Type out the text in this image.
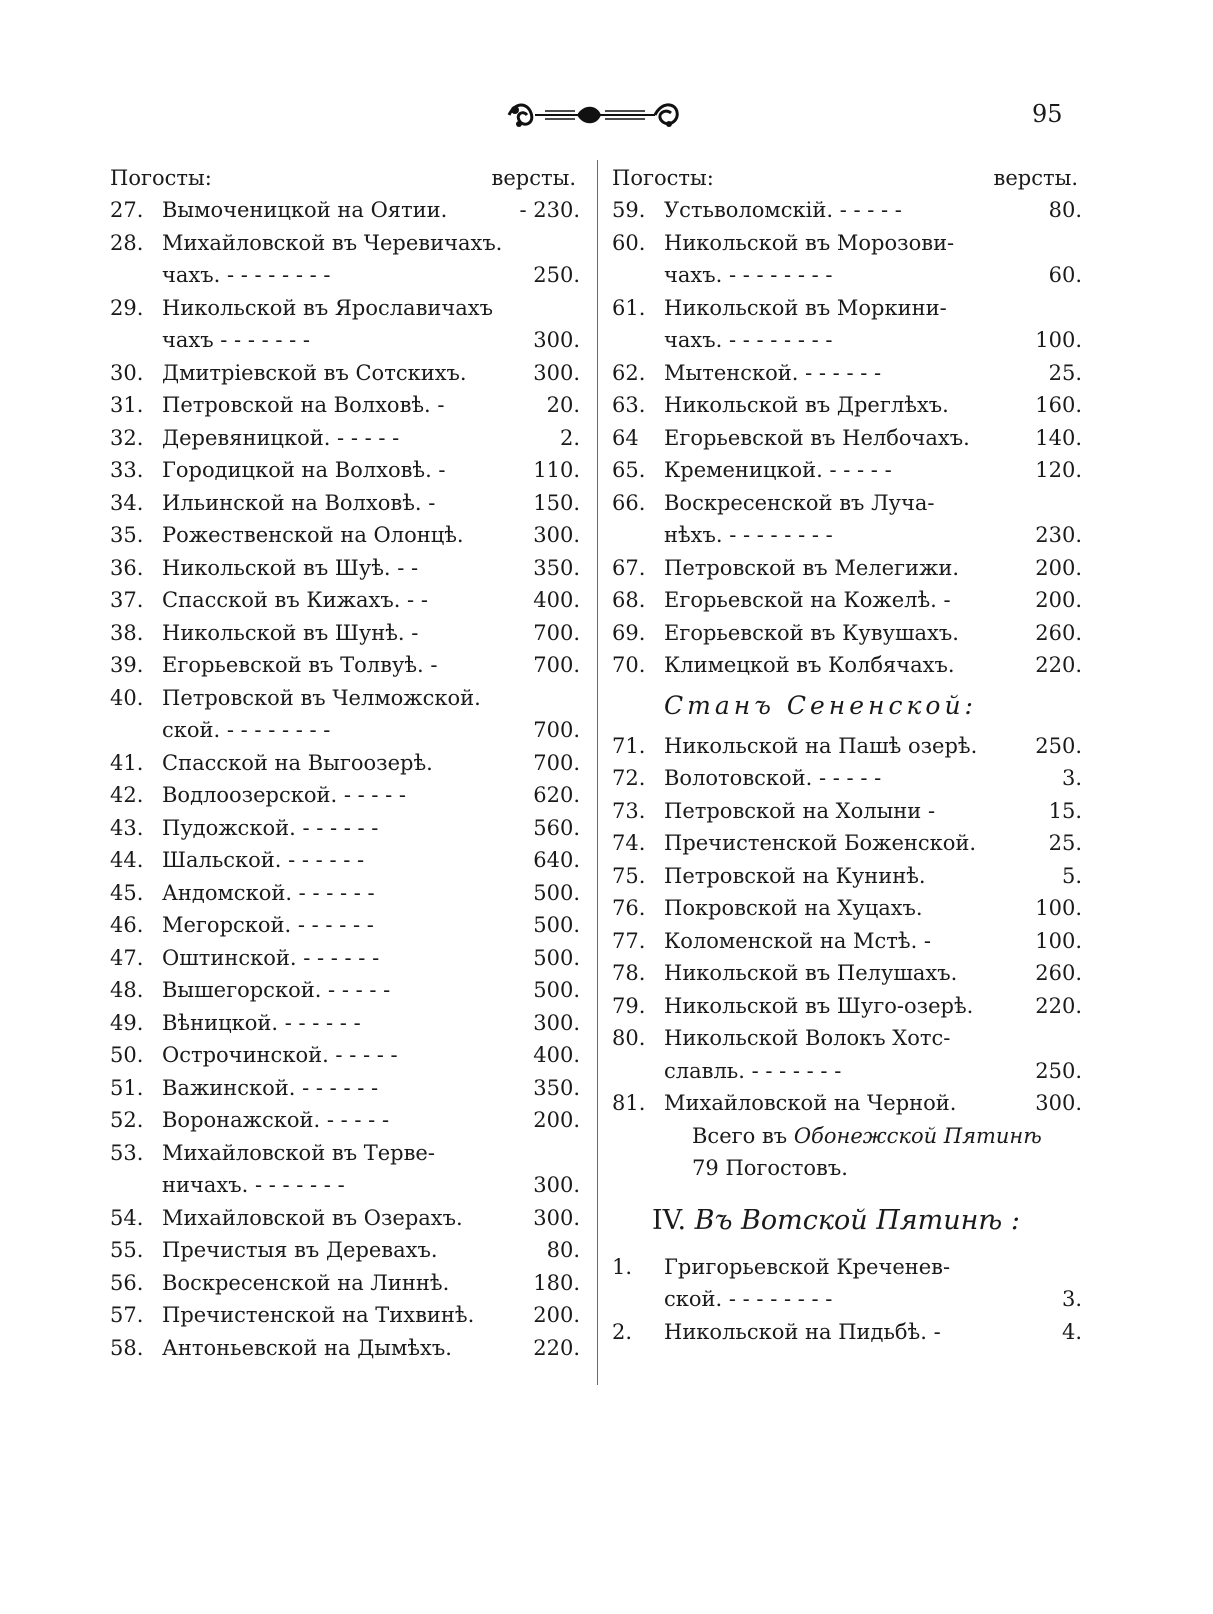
95
Погосты:	версты.
27. Вымоченицкой на Оятии.	- 230.
28. Михайловской въ Черевичахъ.
чахъ. - - - - - - - -	250.
29. Никольской въ Ярославичахъ
чахъ - - - - - - -	300.
30. Дмитріевской въ Сотскихъ.	300.
31. Петровской на Волховѣ. -	20.
32. Деревяницкой. - - - - -	2.
33. Городицкой на Волховѣ. -	110.
34. Ильинской на Волховѣ. -	150.
35. Рожественской на Олонцѣ.	300.
36. Никольской въ Шуѣ. - -	350.
37. Спасской въ Кижахъ. - -	400.
38. Никольской въ Шунѣ. -	700.
39. Егорьевской въ Толвуѣ. -	700.
40. Петровской въ Челможской.
ской. - - - - - - - -	700.
41. Спасской на Выгоозерѣ.	700.
42. Водлоозерской. - - - - -	620.
43. Пудожской. - - - - - -	560.
44. Шальской. - - - - - -	640.
45. Андомской. - - - - - -	500.
46. Мегорской. - - - - - -	500.
47. Оштинской. - - - - - -	500.
48. Вышегорской. - - - - -	500.
49. Вѣницкой. - - - - - -	300.
50. Острочинской. - - - - -	400.
51. Важинской. - - - - - -	350.
52. Воронажской. - - - - -	200.
53. Михайловской въ Терве-
ничахъ. - - - - - - -	300.
54. Михайловской въ Озерахъ.	300.
55. Пречистыя въ Деревахъ.	80.
56. Воскресенской на Линнѣ.	180.
57. Пречистенской на Тихвинѣ.	200.
58. Антоньевской на Дымѣхъ.	220.
Погосты:	версты.
59. Устьволомскій. - - - - -	80.
60. Никольской въ Морозови-
чахъ. - - - - - - - -	60.
61. Никольской въ Моркини-
чахъ. - - - - - - - -	100.
62. Мытенской. - - - - - -	25.
63. Никольской въ Дреглѣхъ.	160.
64	Егорьевской въ Нелбочахъ.	140.
65. Кременицкой. - - - - -	120.
66. Воскресенской въ Луча-
нѣхъ. - - - - - - - -	230.
67. Петровской въ Мелегижи.	200.
68. Егорьевской на Кожелѣ. -	200.
69. Егорьевской въ Кувушахъ.	260.
70. Климецкой въ Колбячахъ.	220.
Станъ Сенeнской:
71. Никольской на Пашѣ озерѣ.	250.
72. Волотовской. - - - - -	3.
73. Петровской на Холыни -	15.
74. Пречистенской Боженской.	25.
75. Петровской на Кунинѣ.	5.
76. Покровской на Хуцахъ.	100.
77. Коломенской на Мстѣ. -	100.
78. Никольской въ Пелушахъ.	260.
79. Никольской въ Шуго-озерѣ.	220.
80. Никольской Волокъ Хотс-
славль. - - - - - - -	250.
81. Михайловской на Черной.	300.
Всего въ Обонежской Пятинѣ
79 Погостовъ.
IV. Въ Вотской Пятинѣ :
1.	Григорьевской Креченев-
ской. - - - - - - - -	3.
2.	Никольской на Пидьбѣ. -	4.
